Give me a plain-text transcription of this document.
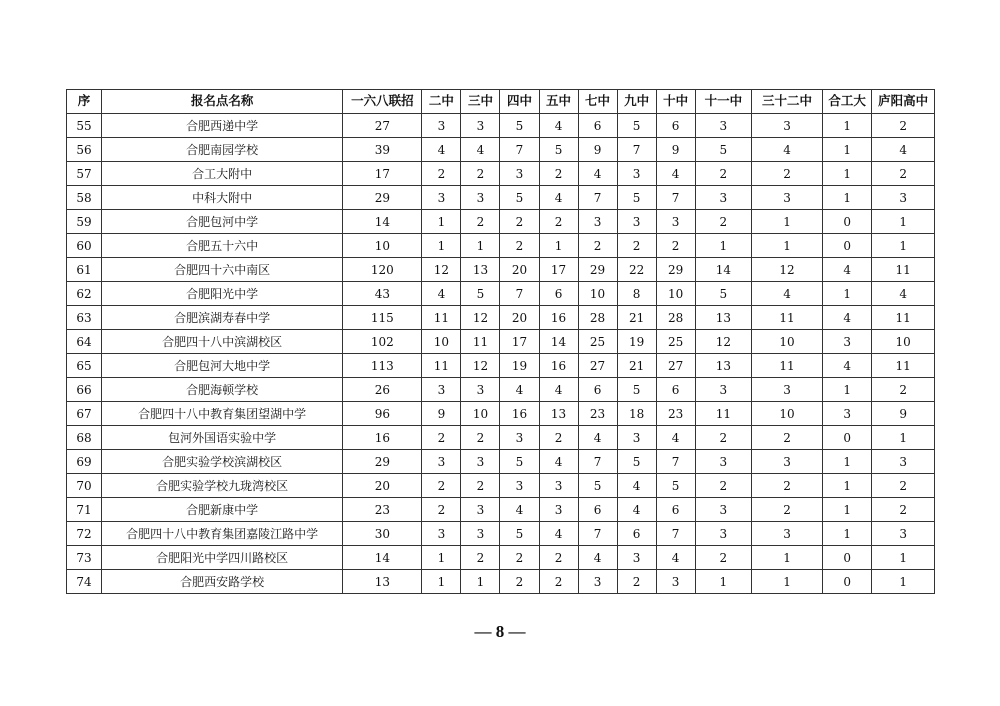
序	报名点名称	一六八联招	二中	三中	四中	五中	七中	九中	十中	十一中	三十二中	合工大	庐阳高中
55	合肥西递中学	27	3	3	5	4	6	5	6	3	3	1	2
56	合肥南园学校	39	4	4	7	5	9	7	9	5	4	1	4
57	合工大附中	17	2	2	3	2	4	3	4	2	2	1	2
58	中科大附中	29	3	3	5	4	7	5	7	3	3	1	3
59	合肥包河中学	14	1	2	2	2	3	3	3	2	1	0	1
60	合肥五十六中	10	1	1	2	1	2	2	2	1	1	0	1
61	合肥四十六中南区	120	12	13	20	17	29	22	29	14	12	4	11
62	合肥阳光中学	43	4	5	7	6	10	8	10	5	4	1	4
63	合肥滨湖寿春中学	115	11	12	20	16	28	21	28	13	11	4	11
64	合肥四十八中滨湖校区	102	10	11	17	14	25	19	25	12	10	3	10
65	合肥包河大地中学	113	11	12	19	16	27	21	27	13	11	4	11
66	合肥海顿学校	26	3	3	4	4	6	5	6	3	3	1	2
67	合肥四十八中教育集团望湖中学	96	9	10	16	13	23	18	23	11	10	3	9
68	包河外国语实验中学	16	2	2	3	2	4	3	4	2	2	0	1
69	合肥实验学校滨湖校区	29	3	3	5	4	7	5	7	3	3	1	3
70	合肥实验学校九珑湾校区	20	2	2	3	3	5	4	5	2	2	1	2
71	合肥新康中学	23	2	3	4	3	6	4	6	3	2	1	2
72	合肥四十八中教育集团嘉陵江路中学	30	3	3	5	4	7	6	7	3	3	1	3
73	合肥阳光中学四川路校区	14	1	2	2	2	4	3	4	2	1	0	1
74	合肥西安路学校	13	1	1	2	2	3	2	3	1	1	0	1
— 8 —
